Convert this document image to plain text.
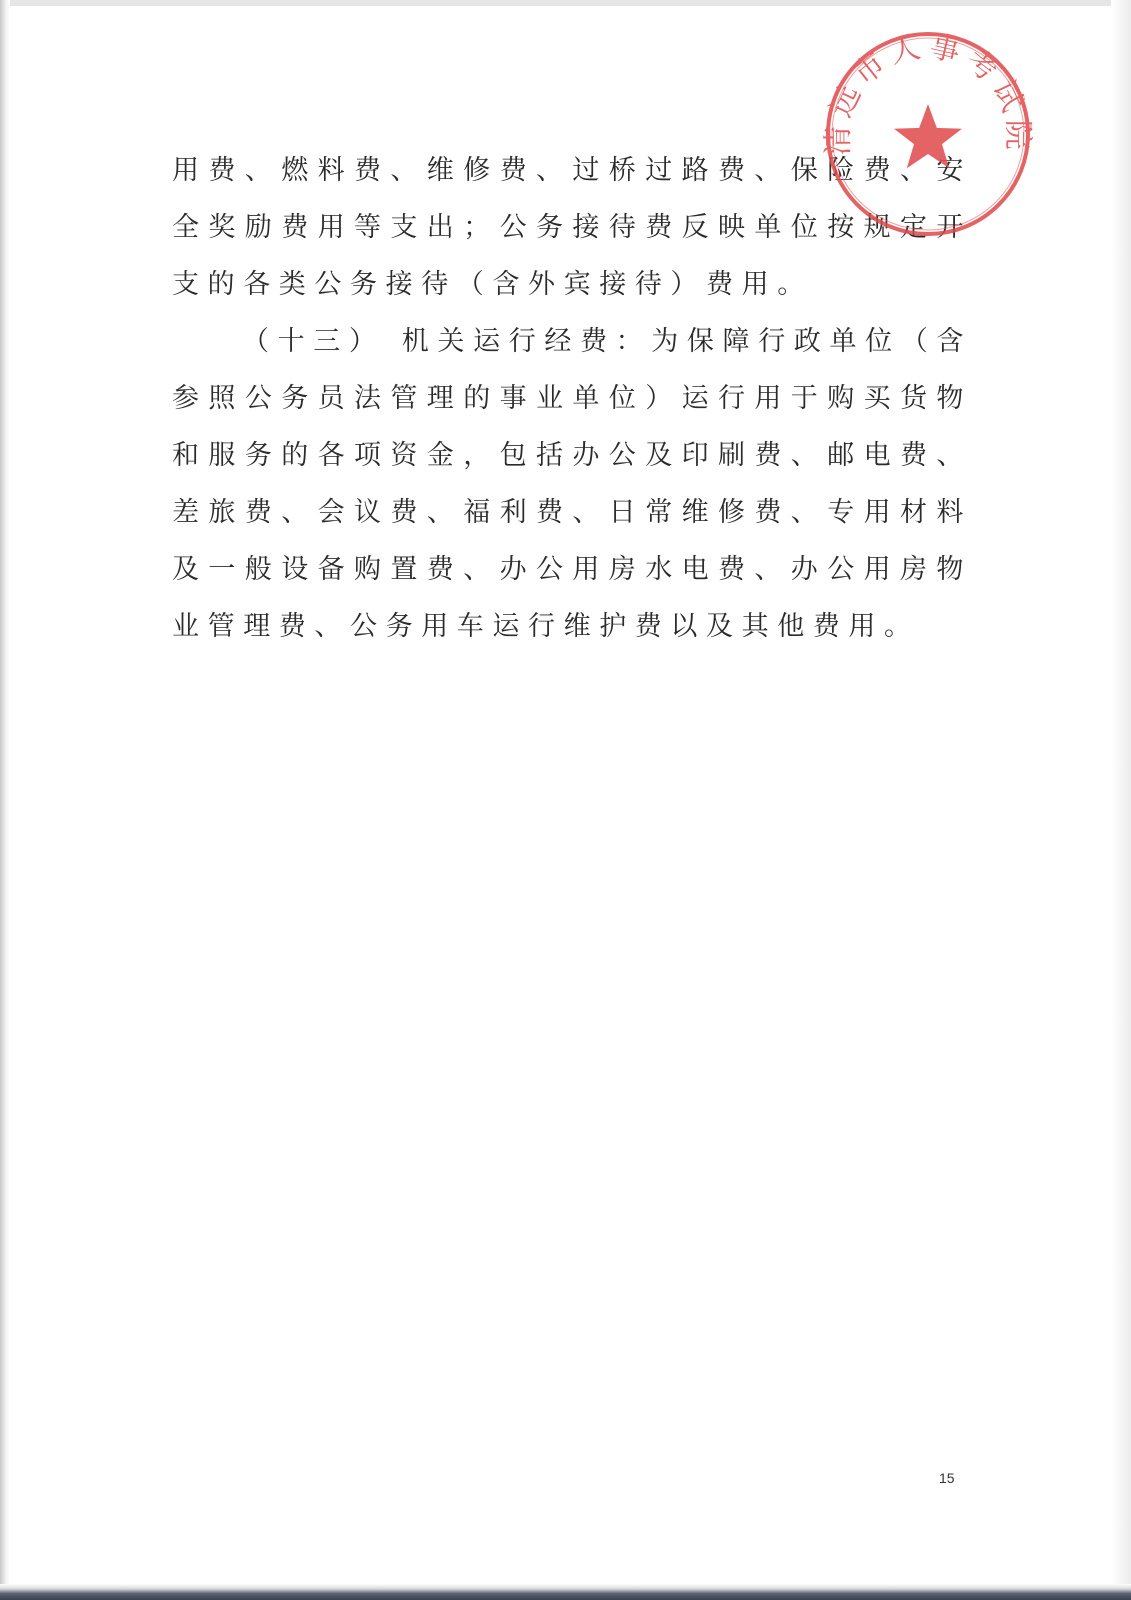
用费、燃料费、维修费、过桥过路费、保险费、安全奖励费用等支出；公务接待费反映单位按规定开支的各类公务接待（含外宾接待）费用。

（十三） 机关运行经费：为保障行政单位（含参照公务员法管理的事业单位）运行用于购买货物和服务的各项资金，包括办公及印刷费、邮电费、差旅费、会议费、福利费、日常维修费、专用材料及一般设备购置费、办公用房水电费、办公用房物业管理费、公务用车运行维护费以及其他费用。

清远市人事考试院
15
